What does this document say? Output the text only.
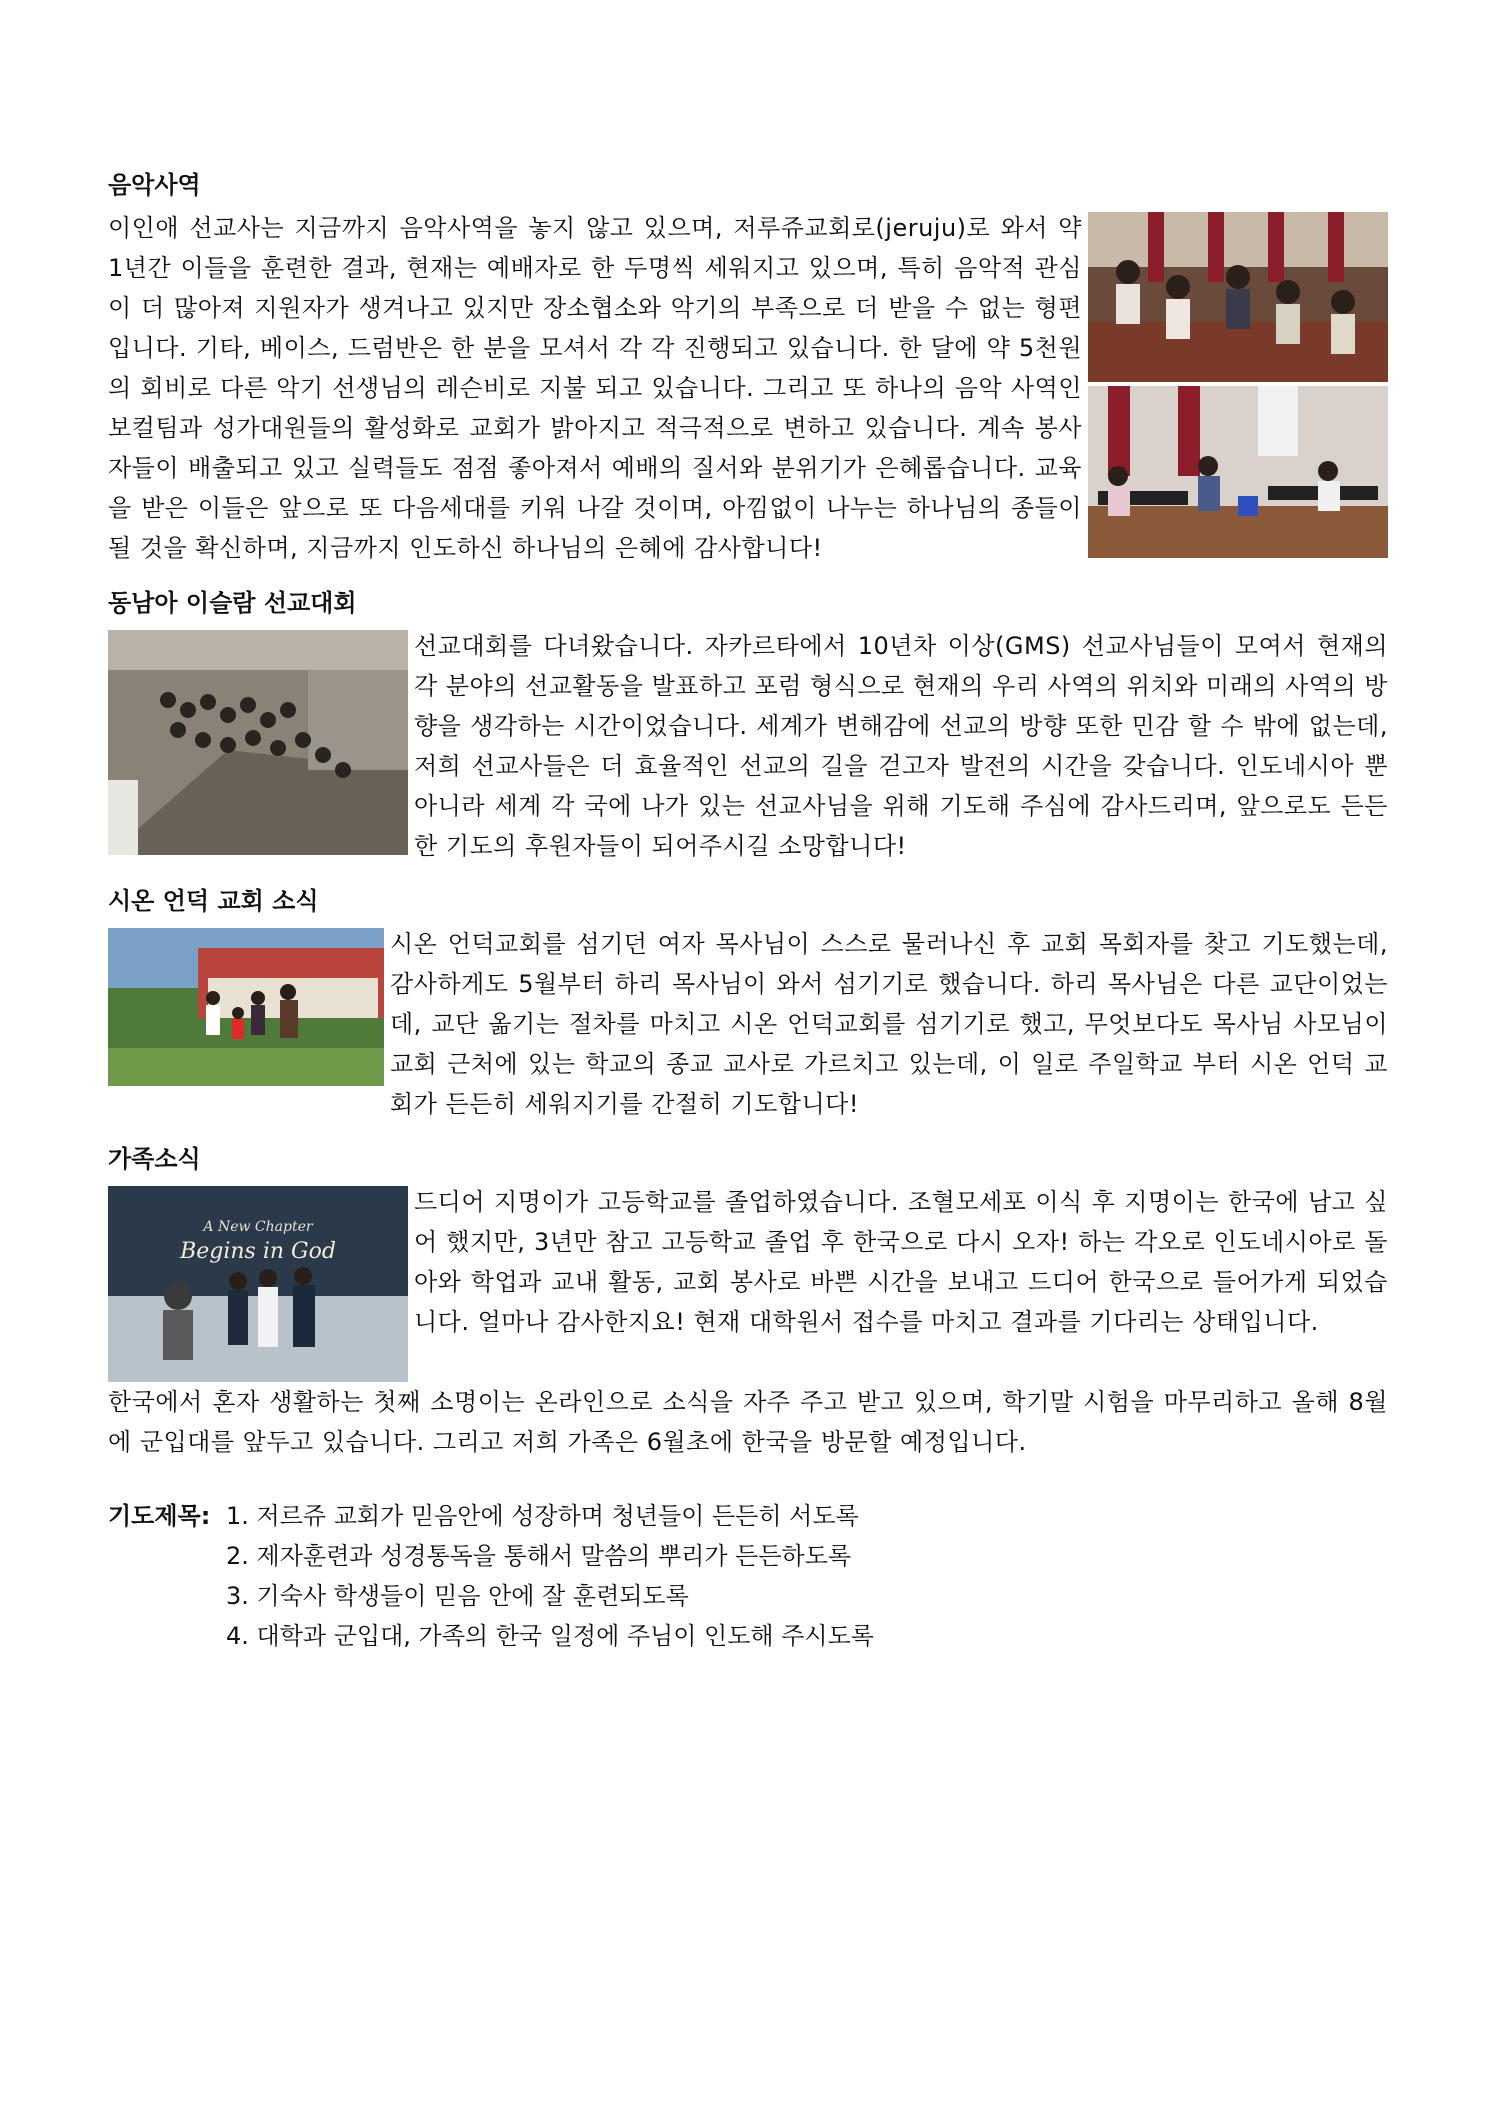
음악사역

이인애 선교사는 지금까지 음악사역을 놓지 않고 있으며, 저루쥬교회로(jeruju)로 와서 약 1년간 이들을 훈련한 결과, 현재는 예배자로 한 두명씩 세워지고 있으며, 특히 음악적 관심이 더 많아져 지원자가 생겨나고 있지만 장소협소와 악기의 부족으로 더 받을 수 없는 형편입니다. 기타, 베이스, 드럼반은 한 분을 모셔서 각 각 진행되고 있습니다. 한 달에 약 5천원의 회비로 다른 악기 선생님의 레슨비로 지불 되고 있습니다. 그리고 또 하나의 음악 사역인 보컬팀과 성가대원들의 활성화로 교회가 밝아지고 적극적으로 변하고 있습니다. 계속 봉사자들이 배출되고 있고 실력들도 점점 좋아져서 예배의 질서와 분위기가 은혜롭습니다. 교육을 받은 이들은 앞으로 또 다음세대를 키워 나갈 것이며, 아낌없이 나누는 하나님의 종들이 될 것을 확신하며, 지금까지 인도하신 하나님의 은혜에 감사합니다!

동남아 이슬람 선교대회

선교대회를 다녀왔습니다. 자카르타에서 10년차 이상(GMS) 선교사님들이 모여서 현재의 각 분야의 선교활동을 발표하고 포럼 형식으로 현재의 우리 사역의 위치와 미래의 사역의 방향을 생각하는 시간이었습니다. 세계가 변해감에 선교의 방향 또한 민감 할 수 밖에 없는데, 저희 선교사들은 더 효율적인 선교의 길을 걷고자 발전의 시간을 갖습니다. 인도네시아 뿐 아니라 세계 각 국에 나가 있는 선교사님을 위해 기도해 주심에 감사드리며, 앞으로도 든든한 기도의 후원자들이 되어주시길 소망합니다!

시온 언덕 교회 소식

시온 언덕교회를 섬기던 여자 목사님이 스스로 물러나신 후 교회 목회자를 찾고 기도했는데, 감사하게도 5월부터 하리 목사님이 와서 섬기기로 했습니다. 하리 목사님은 다른 교단이었는데, 교단 옮기는 절차를 마치고 시온 언덕교회를 섬기기로 했고, 무엇보다도 목사님 사모님이 교회 근처에 있는 학교의 종교 교사로 가르치고 있는데, 이 일로 주일학교 부터 시온 언덕 교회가 든든히 세워지기를 간절히 기도합니다!

가족소식
A New Chapter
Begins in God

드디어 지명이가 고등학교를 졸업하였습니다. 조혈모세포 이식 후 지명이는 한국에 남고 싶어 했지만, 3년만 참고 고등학교 졸업 후 한국으로 다시 오자! 하는 각오로 인도네시아로 돌아와 학업과 교내 활동, 교회 봉사로 바쁜 시간을 보내고 드디어 한국으로 들어가게 되었습니다. 얼마나 감사한지요! 현재 대학원서 접수를 마치고 결과를 기다리는 상태입니다.

한국에서 혼자 생활하는 첫째 소명이는 온라인으로 소식을 자주 주고 받고 있으며, 학기말 시험을 마무리하고 올해 8월에 군입대를 앞두고 있습니다. 그리고 저희 가족은 6월초에 한국을 방문할 예정입니다.

기도제목: 1. 저르쥬 교회가 믿음안에 성장하며 청년들이 든든히 서도록
2. 제자훈련과 성경통독을 통해서 말씀의 뿌리가 든든하도록
3. 기숙사 학생들이 믿음 안에 잘 훈련되도록
4. 대학과 군입대, 가족의 한국 일정에 주님이 인도해 주시도록
